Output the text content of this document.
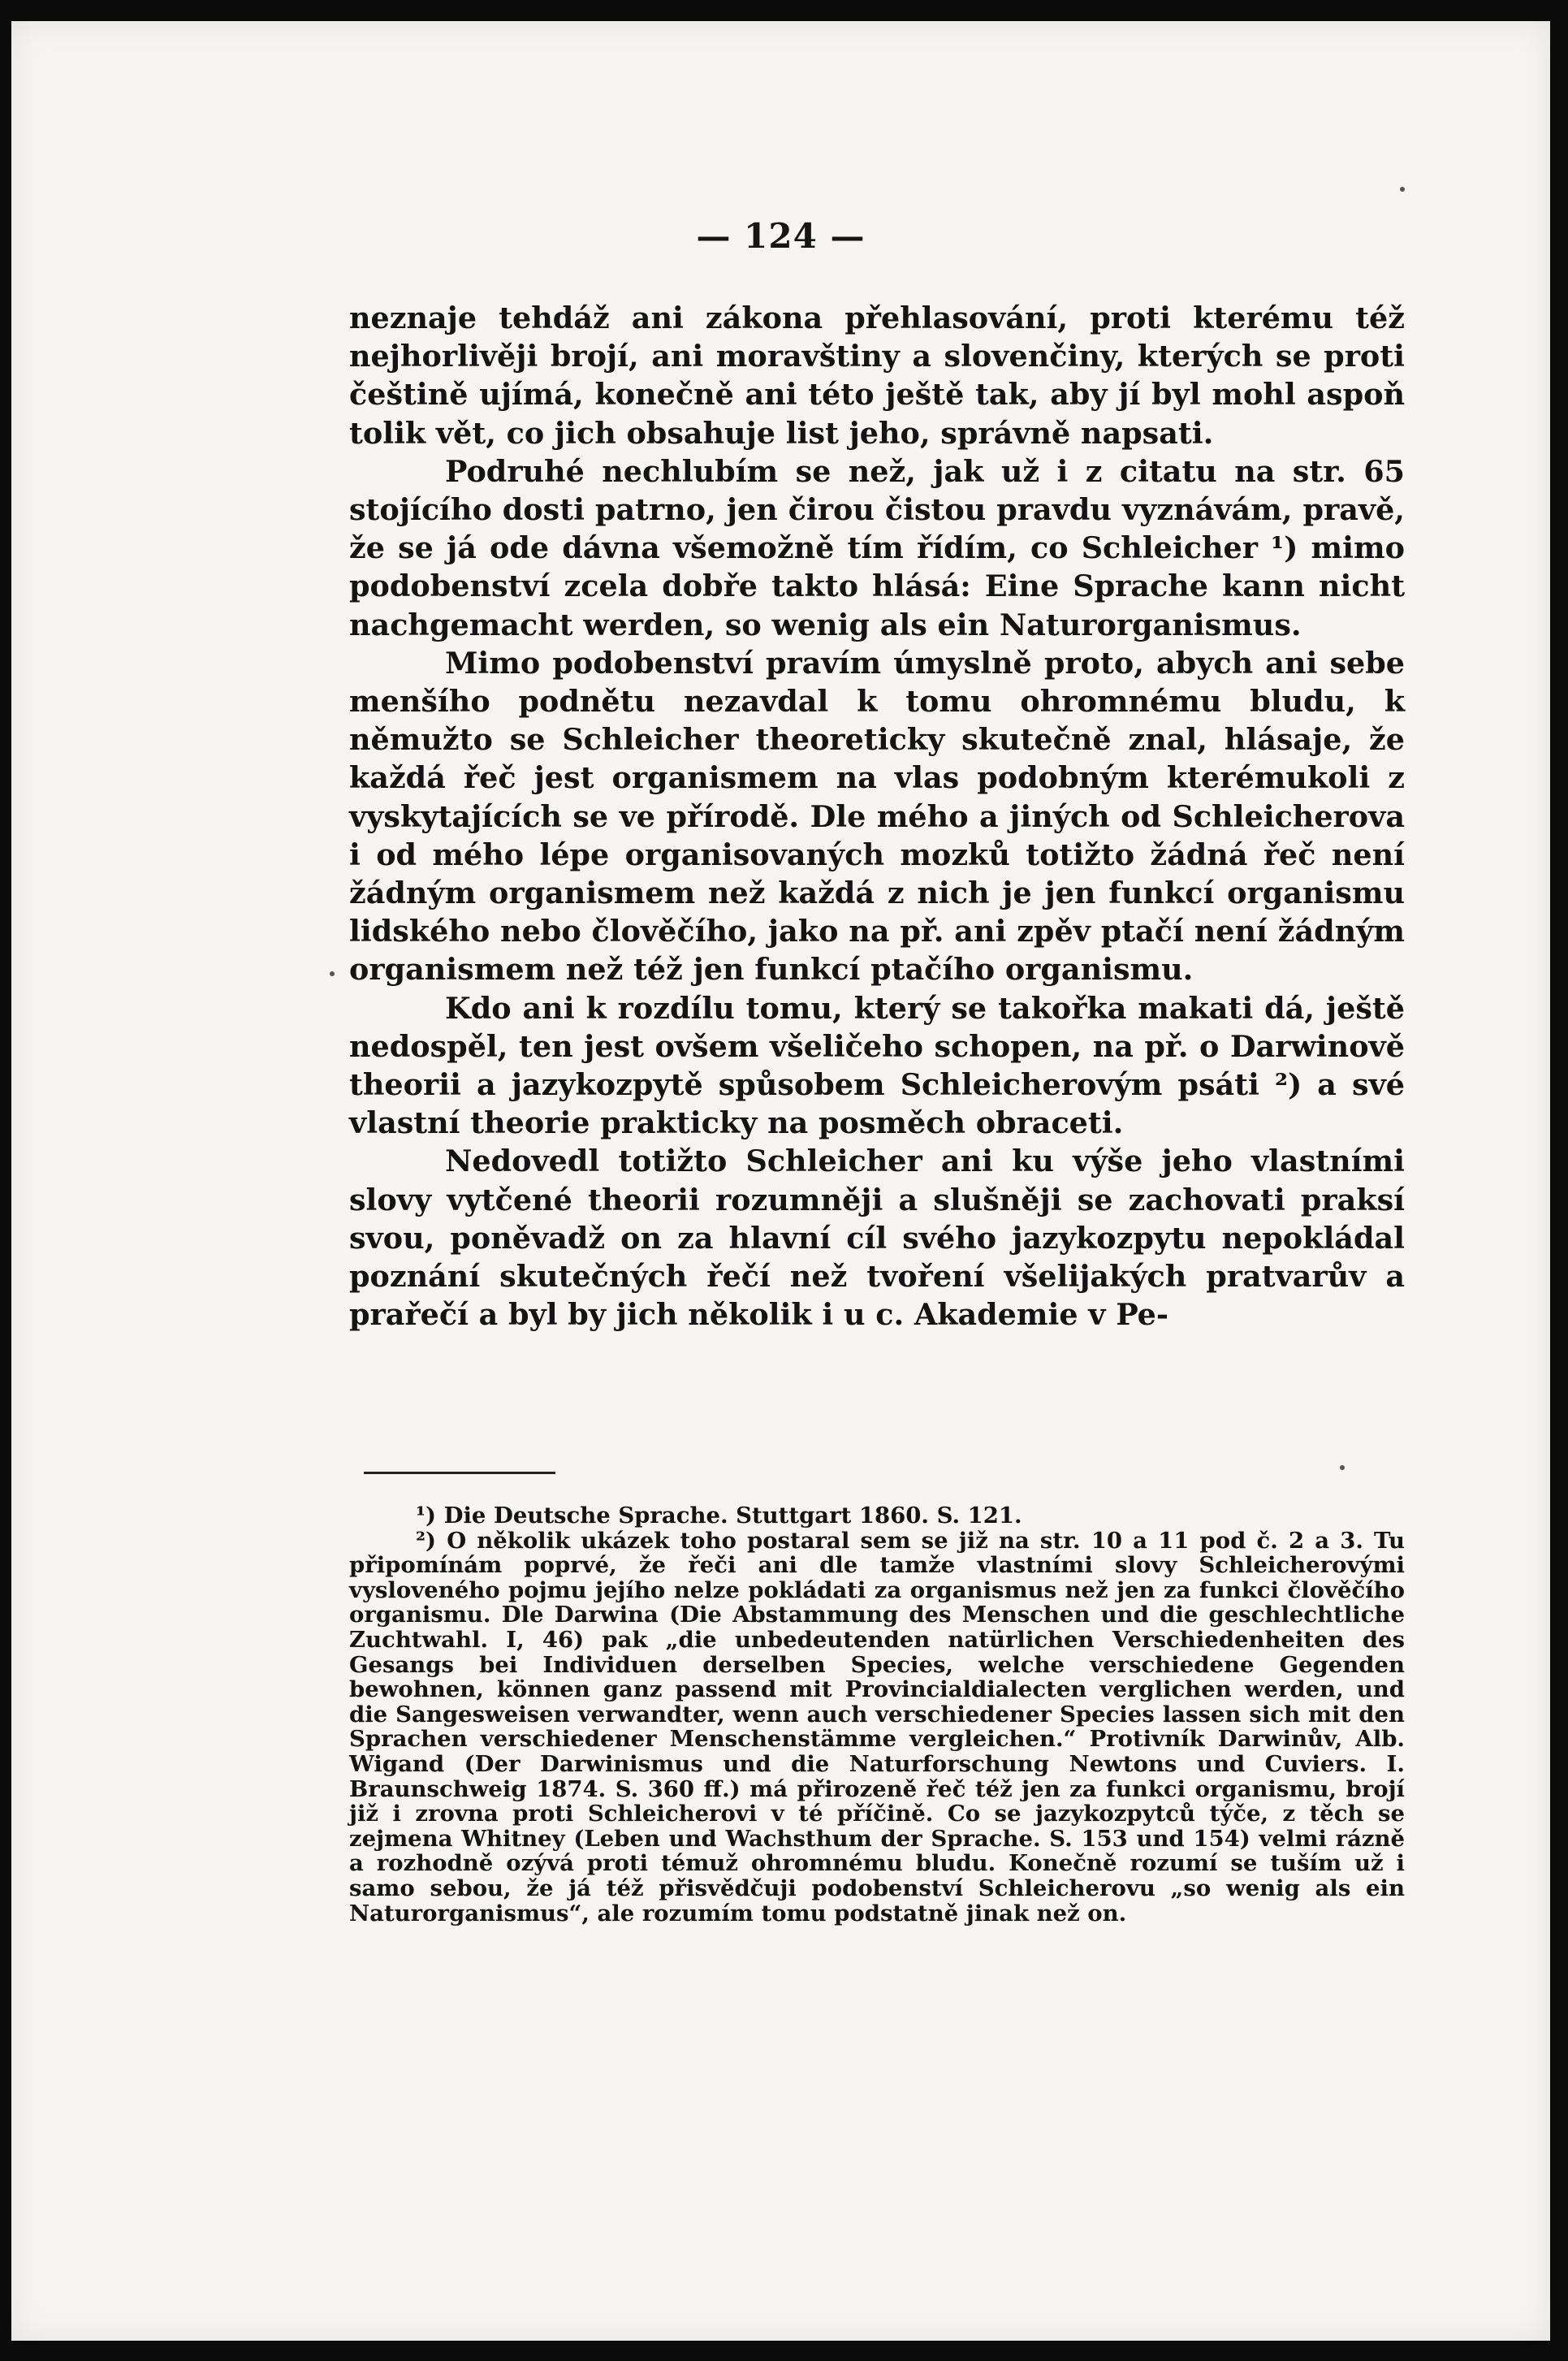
— 124 —

neznaje tehdáž ani zákona přehlasování, proti kterému též nejhorlivěji brojí, ani moravštiny a slovenčiny, kterých se proti češtině ujímá, konečně ani této ještě tak, aby jí byl mohl aspoň tolik vět, co jich obsahuje list jeho, správně napsati.

Podruhé nechlubím se než, jak už i z citatu na str. 65 stojícího dosti patrno, jen čirou čistou pravdu vyznávám, pravě, že se já ode dávna všemožně tím řídím, co Schleicher ¹) mimo podobenství zcela dobře takto hlásá: Eine Sprache kann nicht nachgemacht werden, so wenig als ein Naturorganismus.

Mimo podobenství pravím úmyslně proto, abych ani sebe menšího podnětu nezavdal k tomu ohromnému bludu, k němužto se Schleicher theoreticky skutečně znal, hlásaje, že každá řeč jest organismem na vlas podobným kterémukoli z vyskytajících se ve přírodě. Dle mého a jiných od Schleicherova i od mého lépe organisovaných mozků totižto žádná řeč není žádným organismem než každá z nich je jen funkcí organismu lidského nebo člověčího, jako na př. ani zpěv ptačí není žádným organismem než též jen funkcí ptačího organismu.

Kdo ani k rozdílu tomu, který se takořka makati dá, ještě nedospěl, ten jest ovšem všeličeho schopen, na př. o Darwinově theorii a jazykozpytě spůsobem Schleicherovým psáti ²) a své vlastní theorie prakticky na posměch obraceti.

Nedovedl totižto Schleicher ani ku výše jeho vlastními slovy vytčené theorii rozumněji a slušněji se zachovati praksí svou, poněvadž on za hlavní cíl svého jazykozpytu nepokládal poznání skutečných řečí než tvoření všelijakých pratvarův a prařečí a byl by jich několik i u c. Akademie v Pe-

¹) Die Deutsche Sprache. Stuttgart 1860. S. 121.

²) O několik ukázek toho postaral sem se již na str. 10 a 11 pod č. 2 a 3. Tu připomínám poprvé, že řeči ani dle tamže vlastními slovy Schleicherovými vysloveného pojmu jejího nelze pokládati za organismus než jen za funkci člověčího organismu. Dle Darwina (Die Abstammung des Menschen und die geschlechtliche Zuchtwahl. I, 46) pak „die unbedeutenden natürlichen Verschiedenheiten des Gesangs bei Individuen derselben Species, welche verschiedene Gegenden bewohnen, können ganz passend mit Provincialdialecten verglichen werden, und die Sangesweisen verwandter, wenn auch verschiedener Species lassen sich mit den Sprachen verschiedener Menschenstämme vergleichen.“ Protivník Darwinův, Alb. Wigand (Der Darwinismus und die Naturforschung Newtons und Cuviers. I. Braunschweig 1874. S. 360 ff.) má přirozeně řeč též jen za funkci organismu, brojí již i zrovna proti Schleicherovi v té příčině. Co se jazykozpytců týče, z těch se zejmena Whitney (Leben und Wachsthum der Sprache. S. 153 und 154) velmi rázně a rozhodně ozývá proti témuž ohromnému bludu. Konečně rozumí se tuším už i samo sebou, že já též přisvědčuji podobenství Schleicherovu „so wenig als ein Naturorganismus“, ale rozumím tomu podstatně jinak než on.
